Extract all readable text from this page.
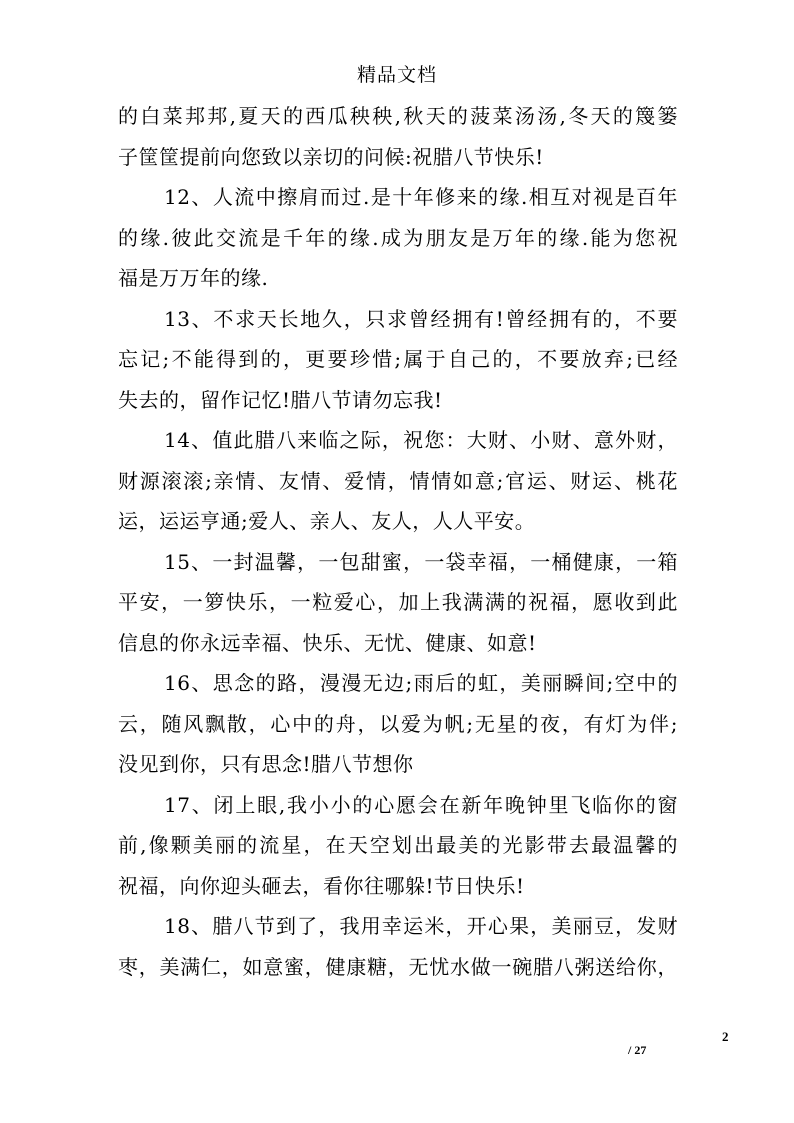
精品文档
的白菜邦邦,夏天的西瓜秧秧,秋天的菠菜汤汤,冬天的篾篓
子筐筐提前向您致以亲切的问候:祝腊八节快乐!
12、人流中擦肩而过.是十年修来的缘.相互对视是百年
的缘.彼此交流是千年的缘.成为朋友是万年的缘.能为您祝
福是万万年的缘.
13、不求天长地久，只求曾经拥有!曾经拥有的，不要
忘记;不能得到的，更要珍惜;属于自己的，不要放弃;已经
失去的，留作记忆!腊八节请勿忘我!
14、值此腊八来临之际，祝您：大财、小财、意外财，
财源滚滚;亲情、友情、爱情，情情如意;官运、财运、桃花
运，运运亨通;爱人、亲人、友人，人人平安。
15、一封温馨，一包甜蜜，一袋幸福，一桶健康，一箱
平安，一箩快乐，一粒爱心，加上我满满的祝福，愿收到此
信息的你永远幸福、快乐、无忧、健康、如意!
16、思念的路，漫漫无边;雨后的虹，美丽瞬间;空中的
云，随风飘散，心中的舟，以爱为帆;无星的夜，有灯为伴;
没见到你，只有思念!腊八节想你
17、闭上眼,我小小的心愿会在新年晚钟里飞临你的窗
前,像颗美丽的流星，在天空划出最美的光影带去最温馨的
祝福，向你迎头砸去，看你往哪躲!节日快乐!
18、腊八节到了，我用幸运米，开心果，美丽豆，发财
枣，美满仁，如意蜜，健康糖，无忧水做一碗腊八粥送给你，
2
/ 27
